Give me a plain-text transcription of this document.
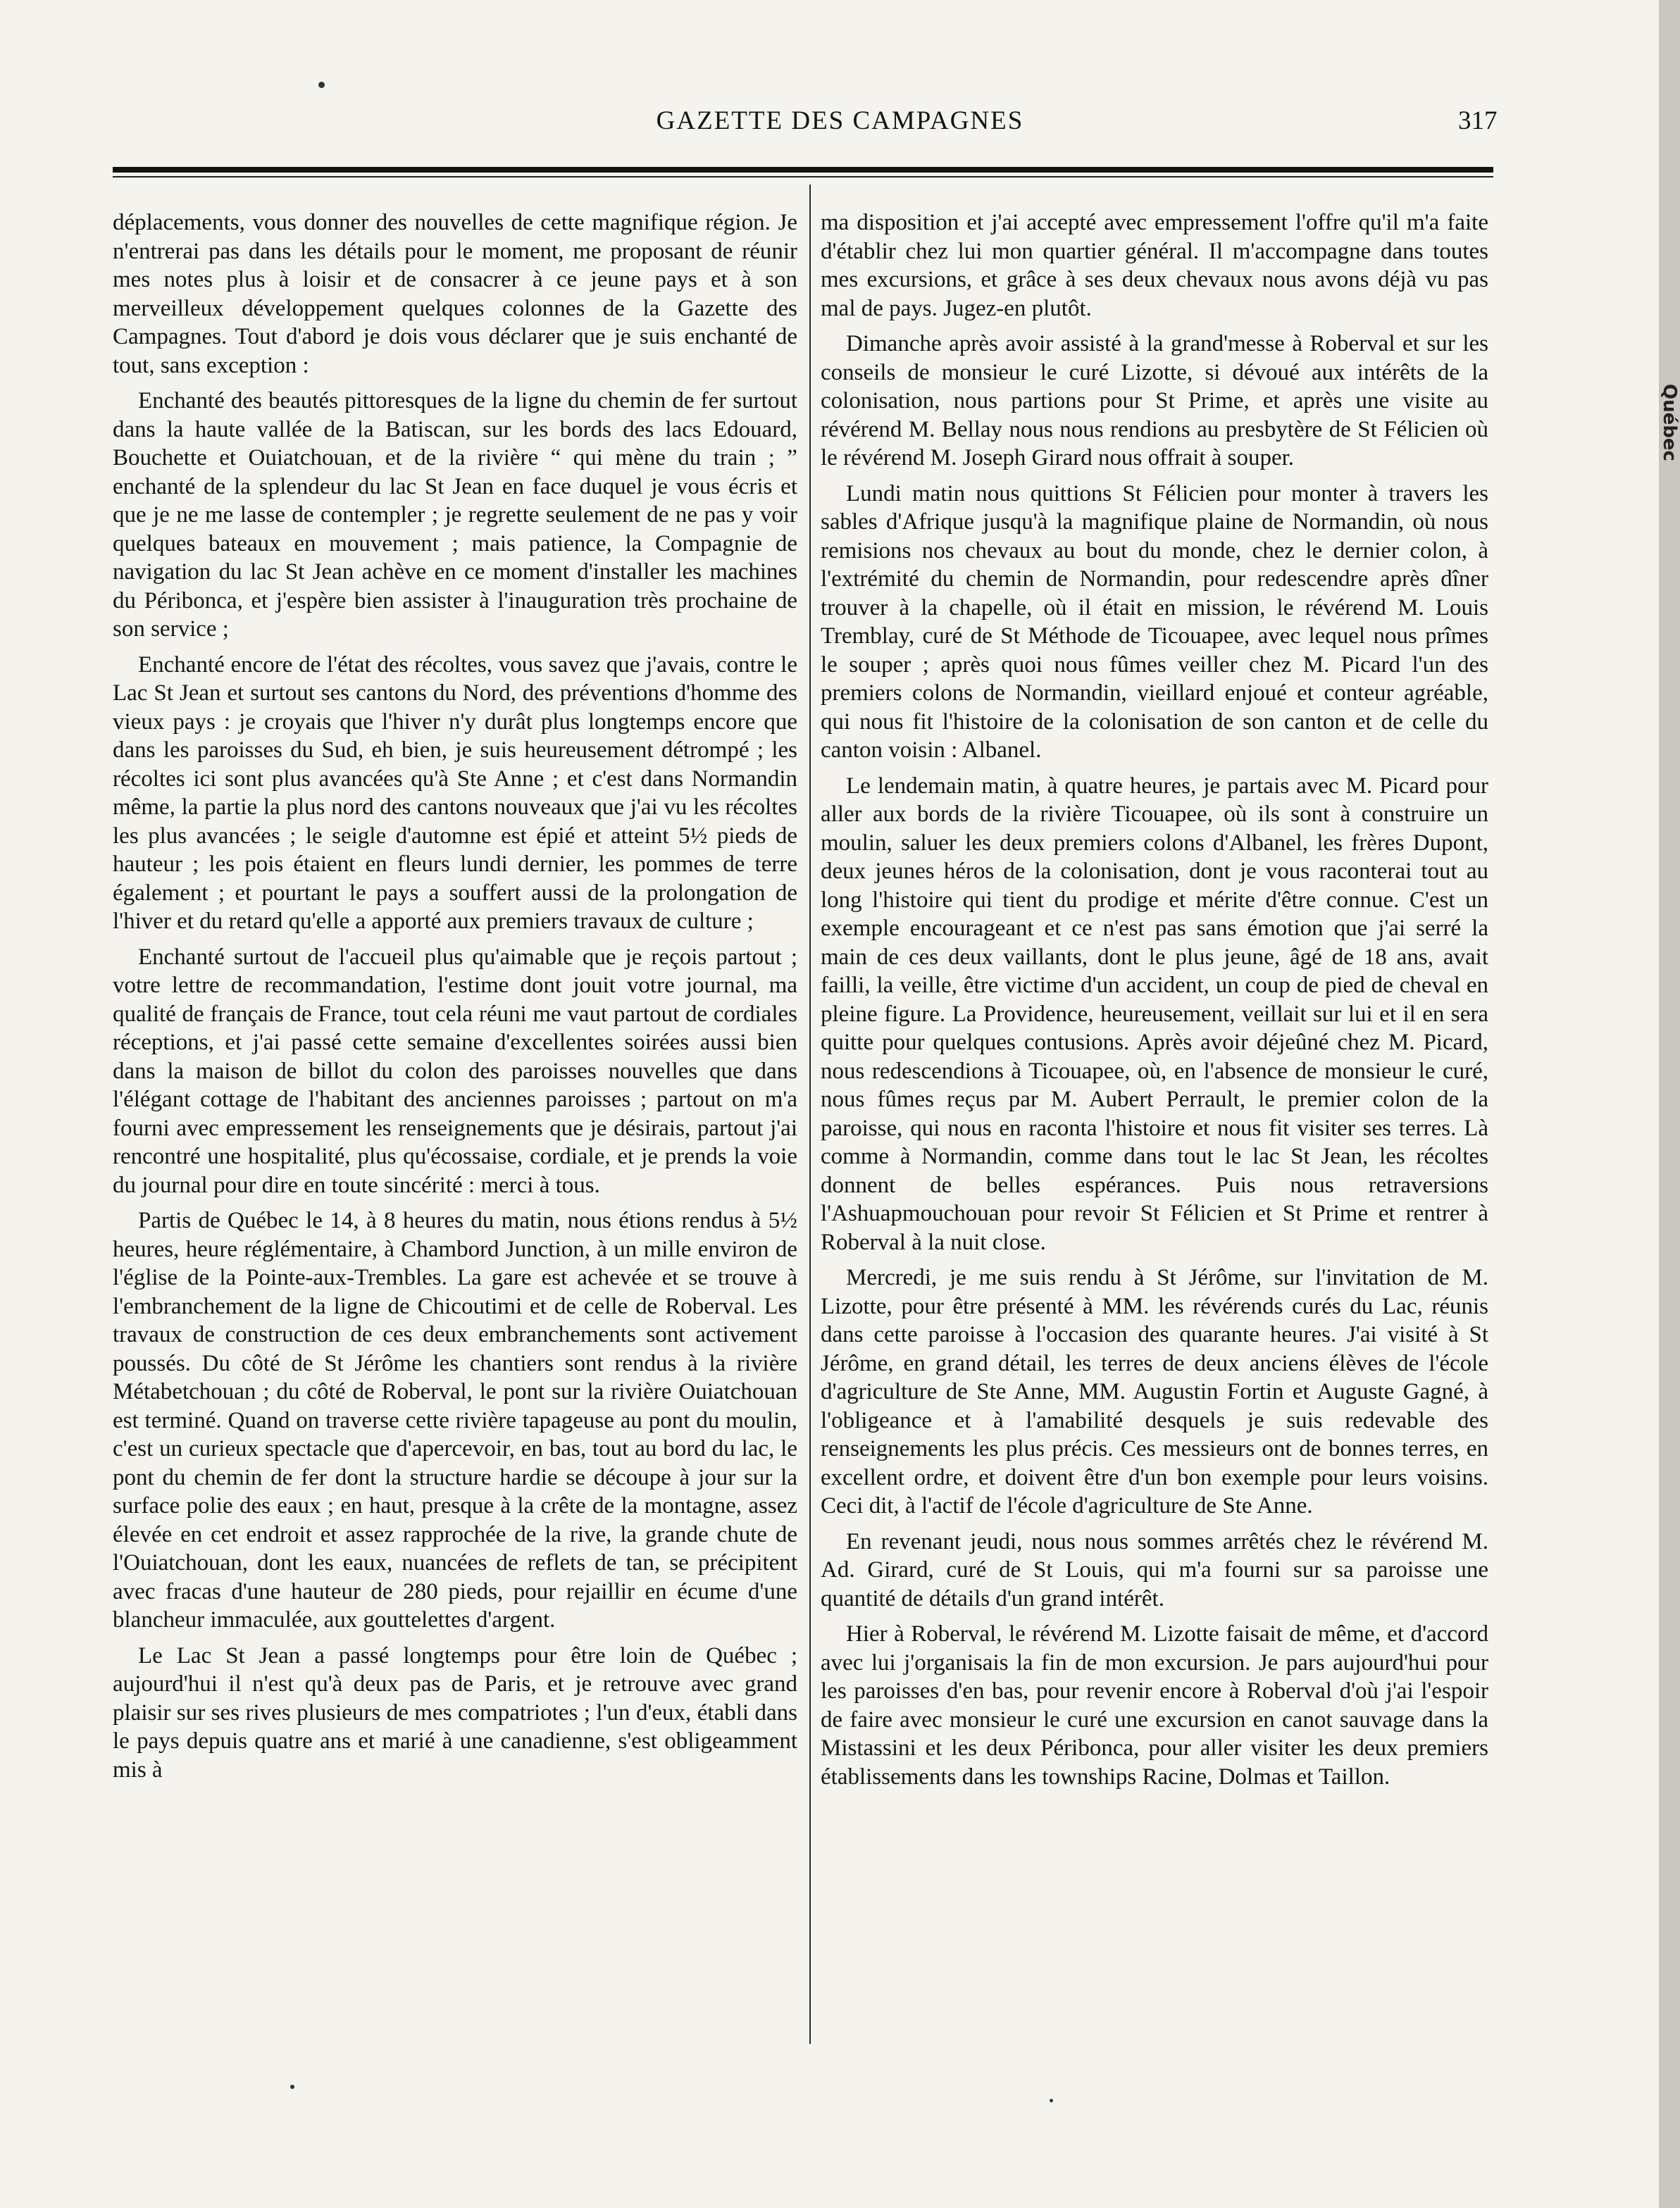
Québec
GAZETTE DES CAMPAGNES	317

déplacements, vous donner des nouvelles de cette magnifique région. Je n'entrerai pas dans les détails pour le moment, me proposant de réunir mes notes plus à loisir et de consacrer à ce jeune pays et à son merveilleux développement quelques colonnes de la Gazette des Campagnes. Tout d'abord je dois vous déclarer que je suis enchanté de tout, sans exception :

Enchanté des beautés pittoresques de la ligne du chemin de fer surtout dans la haute vallée de la Batiscan, sur les bords des lacs Edouard, Bouchette et Ouiatchouan, et de la rivière “ qui mène du train ; ” enchanté de la splendeur du lac St Jean en face duquel je vous écris et que je ne me lasse de contempler ; je regrette seulement de ne pas y voir quelques bateaux en mouvement ; mais patience, la Compagnie de navigation du lac St Jean achève en ce moment d'installer les machines du Péribonca, et j'espère bien assister à l'inauguration très prochaine de son service ;

Enchanté encore de l'état des récoltes, vous savez que j'avais, contre le Lac St Jean et surtout ses cantons du Nord, des préventions d'homme des vieux pays : je croyais que l'hiver n'y durât plus longtemps encore que dans les paroisses du Sud, eh bien, je suis heureusement détrompé ; les récoltes ici sont plus avancées qu'à Ste Anne ; et c'est dans Normandin même, la partie la plus nord des cantons nouveaux que j'ai vu les récoltes les plus avancées ; le seigle d'automne est épié et atteint 5½ pieds de hauteur ; les pois étaient en fleurs lundi dernier, les pommes de terre également ; et pourtant le pays a souffert aussi de la prolongation de l'hiver et du retard qu'elle a apporté aux premiers travaux de culture ;

Enchanté surtout de l'accueil plus qu'aimable que je reçois partout ; votre lettre de recommandation, l'estime dont jouit votre journal, ma qualité de français de France, tout cela réuni me vaut partout de cordiales réceptions, et j'ai passé cette semaine d'excellentes soirées aussi bien dans la maison de billot du colon des paroisses nouvelles que dans l'élégant cottage de l'habitant des anciennes paroisses ; partout on m'a fourni avec empressement les renseignements que je désirais, partout j'ai rencontré une hospitalité, plus qu'écossaise, cordiale, et je prends la voie du journal pour dire en toute sincérité : merci à tous.

Partis de Québec le 14, à 8 heures du matin, nous étions rendus à 5½ heures, heure réglémentaire, à Chambord Junction, à un mille environ de l'église de la Pointe-aux-Trembles. La gare est achevée et se trouve à l'embranchement de la ligne de Chicoutimi et de celle de Roberval. Les travaux de construction de ces deux embranchements sont activement poussés. Du côté de St Jérôme les chantiers sont rendus à la rivière Métabetchouan ; du côté de Roberval, le pont sur la rivière Ouiatchouan est terminé. Quand on traverse cette rivière tapageuse au pont du moulin, c'est un curieux spectacle que d'apercevoir, en bas, tout au bord du lac, le pont du chemin de fer dont la structure hardie se découpe à jour sur la surface polie des eaux ; en haut, presque à la crête de la montagne, assez élevée en cet endroit et assez rapprochée de la rive, la grande chute de l'Ouiatchouan, dont les eaux, nuancées de reflets de tan, se précipitent avec fracas d'une hauteur de 280 pieds, pour rejaillir en écume d'une blancheur immaculée, aux gouttelettes d'argent.

Le Lac St Jean a passé longtemps pour être loin de Québec ; aujourd'hui il n'est qu'à deux pas de Paris, et je retrouve avec grand plaisir sur ses rives plusieurs de mes compatriotes ; l'un d'eux, établi dans le pays depuis quatre ans et marié à une canadienne, s'est obligeamment mis à

ma disposition et j'ai accepté avec empressement l'offre qu'il m'a faite d'établir chez lui mon quartier général. Il m'accompagne dans toutes mes excursions, et grâce à ses deux chevaux nous avons déjà vu pas mal de pays. Jugez-en plutôt.

Dimanche après avoir assisté à la grand'messe à Roberval et sur les conseils de monsieur le curé Lizotte, si dévoué aux intérêts de la colonisation, nous partions pour St Prime, et après une visite au révérend M. Bellay nous nous rendions au presbytère de St Félicien où le révérend M. Joseph Girard nous offrait à souper.

Lundi matin nous quittions St Félicien pour monter à travers les sables d'Afrique jusqu'à la magnifique plaine de Normandin, où nous remisions nos chevaux au bout du monde, chez le dernier colon, à l'extrémité du chemin de Normandin, pour redescendre après dîner trouver à la chapelle, où il était en mission, le révérend M. Louis Tremblay, curé de St Méthode de Ticouapee, avec lequel nous prîmes le souper ; après quoi nous fûmes veiller chez M. Picard l'un des premiers colons de Normandin, vieillard enjoué et conteur agréable, qui nous fit l'histoire de la colonisation de son canton et de celle du canton voisin : Albanel.

Le lendemain matin, à quatre heures, je partais avec M. Picard pour aller aux bords de la rivière Ticouapee, où ils sont à construire un moulin, saluer les deux premiers colons d'Albanel, les frères Dupont, deux jeunes héros de la colonisation, dont je vous raconterai tout au long l'histoire qui tient du prodige et mérite d'être connue. C'est un exemple encourageant et ce n'est pas sans émotion que j'ai serré la main de ces deux vaillants, dont le plus jeune, âgé de 18 ans, avait failli, la veille, être victime d'un accident, un coup de pied de cheval en pleine figure. La Providence, heureusement, veillait sur lui et il en sera quitte pour quelques contusions. Après avoir déjeûné chez M. Picard, nous redescendions à Ticouapee, où, en l'absence de monsieur le curé, nous fûmes reçus par M. Aubert Perrault, le premier colon de la paroisse, qui nous en raconta l'histoire et nous fit visiter ses terres. Là comme à Normandin, comme dans tout le lac St Jean, les récoltes donnent de belles espérances. Puis nous retraversions l'Ashuapmouchouan pour revoir St Félicien et St Prime et rentrer à Roberval à la nuit close.

Mercredi, je me suis rendu à St Jérôme, sur l'invitation de M. Lizotte, pour être présenté à MM. les révérends curés du Lac, réunis dans cette paroisse à l'occasion des quarante heures. J'ai visité à St Jérôme, en grand détail, les terres de deux anciens élèves de l'école d'agriculture de Ste Anne, MM. Augustin Fortin et Auguste Gagné, à l'obligeance et à l'amabilité desquels je suis redevable des renseignements les plus précis. Ces messieurs ont de bonnes terres, en excellent ordre, et doivent être d'un bon exemple pour leurs voisins. Ceci dit, à l'actif de l'école d'agriculture de Ste Anne.

En revenant jeudi, nous nous sommes arrêtés chez le révérend M. Ad. Girard, curé de St Louis, qui m'a fourni sur sa paroisse une quantité de détails d'un grand intérêt.

Hier à Roberval, le révérend M. Lizotte faisait de même, et d'accord avec lui j'organisais la fin de mon excursion. Je pars aujourd'hui pour les paroisses d'en bas, pour revenir encore à Roberval d'où j'ai l'espoir de faire avec monsieur le curé une excursion en canot sauvage dans la Mistassini et les deux Péribonca, pour aller visiter les deux premiers établissements dans les townships Racine, Dolmas et Taillon.
